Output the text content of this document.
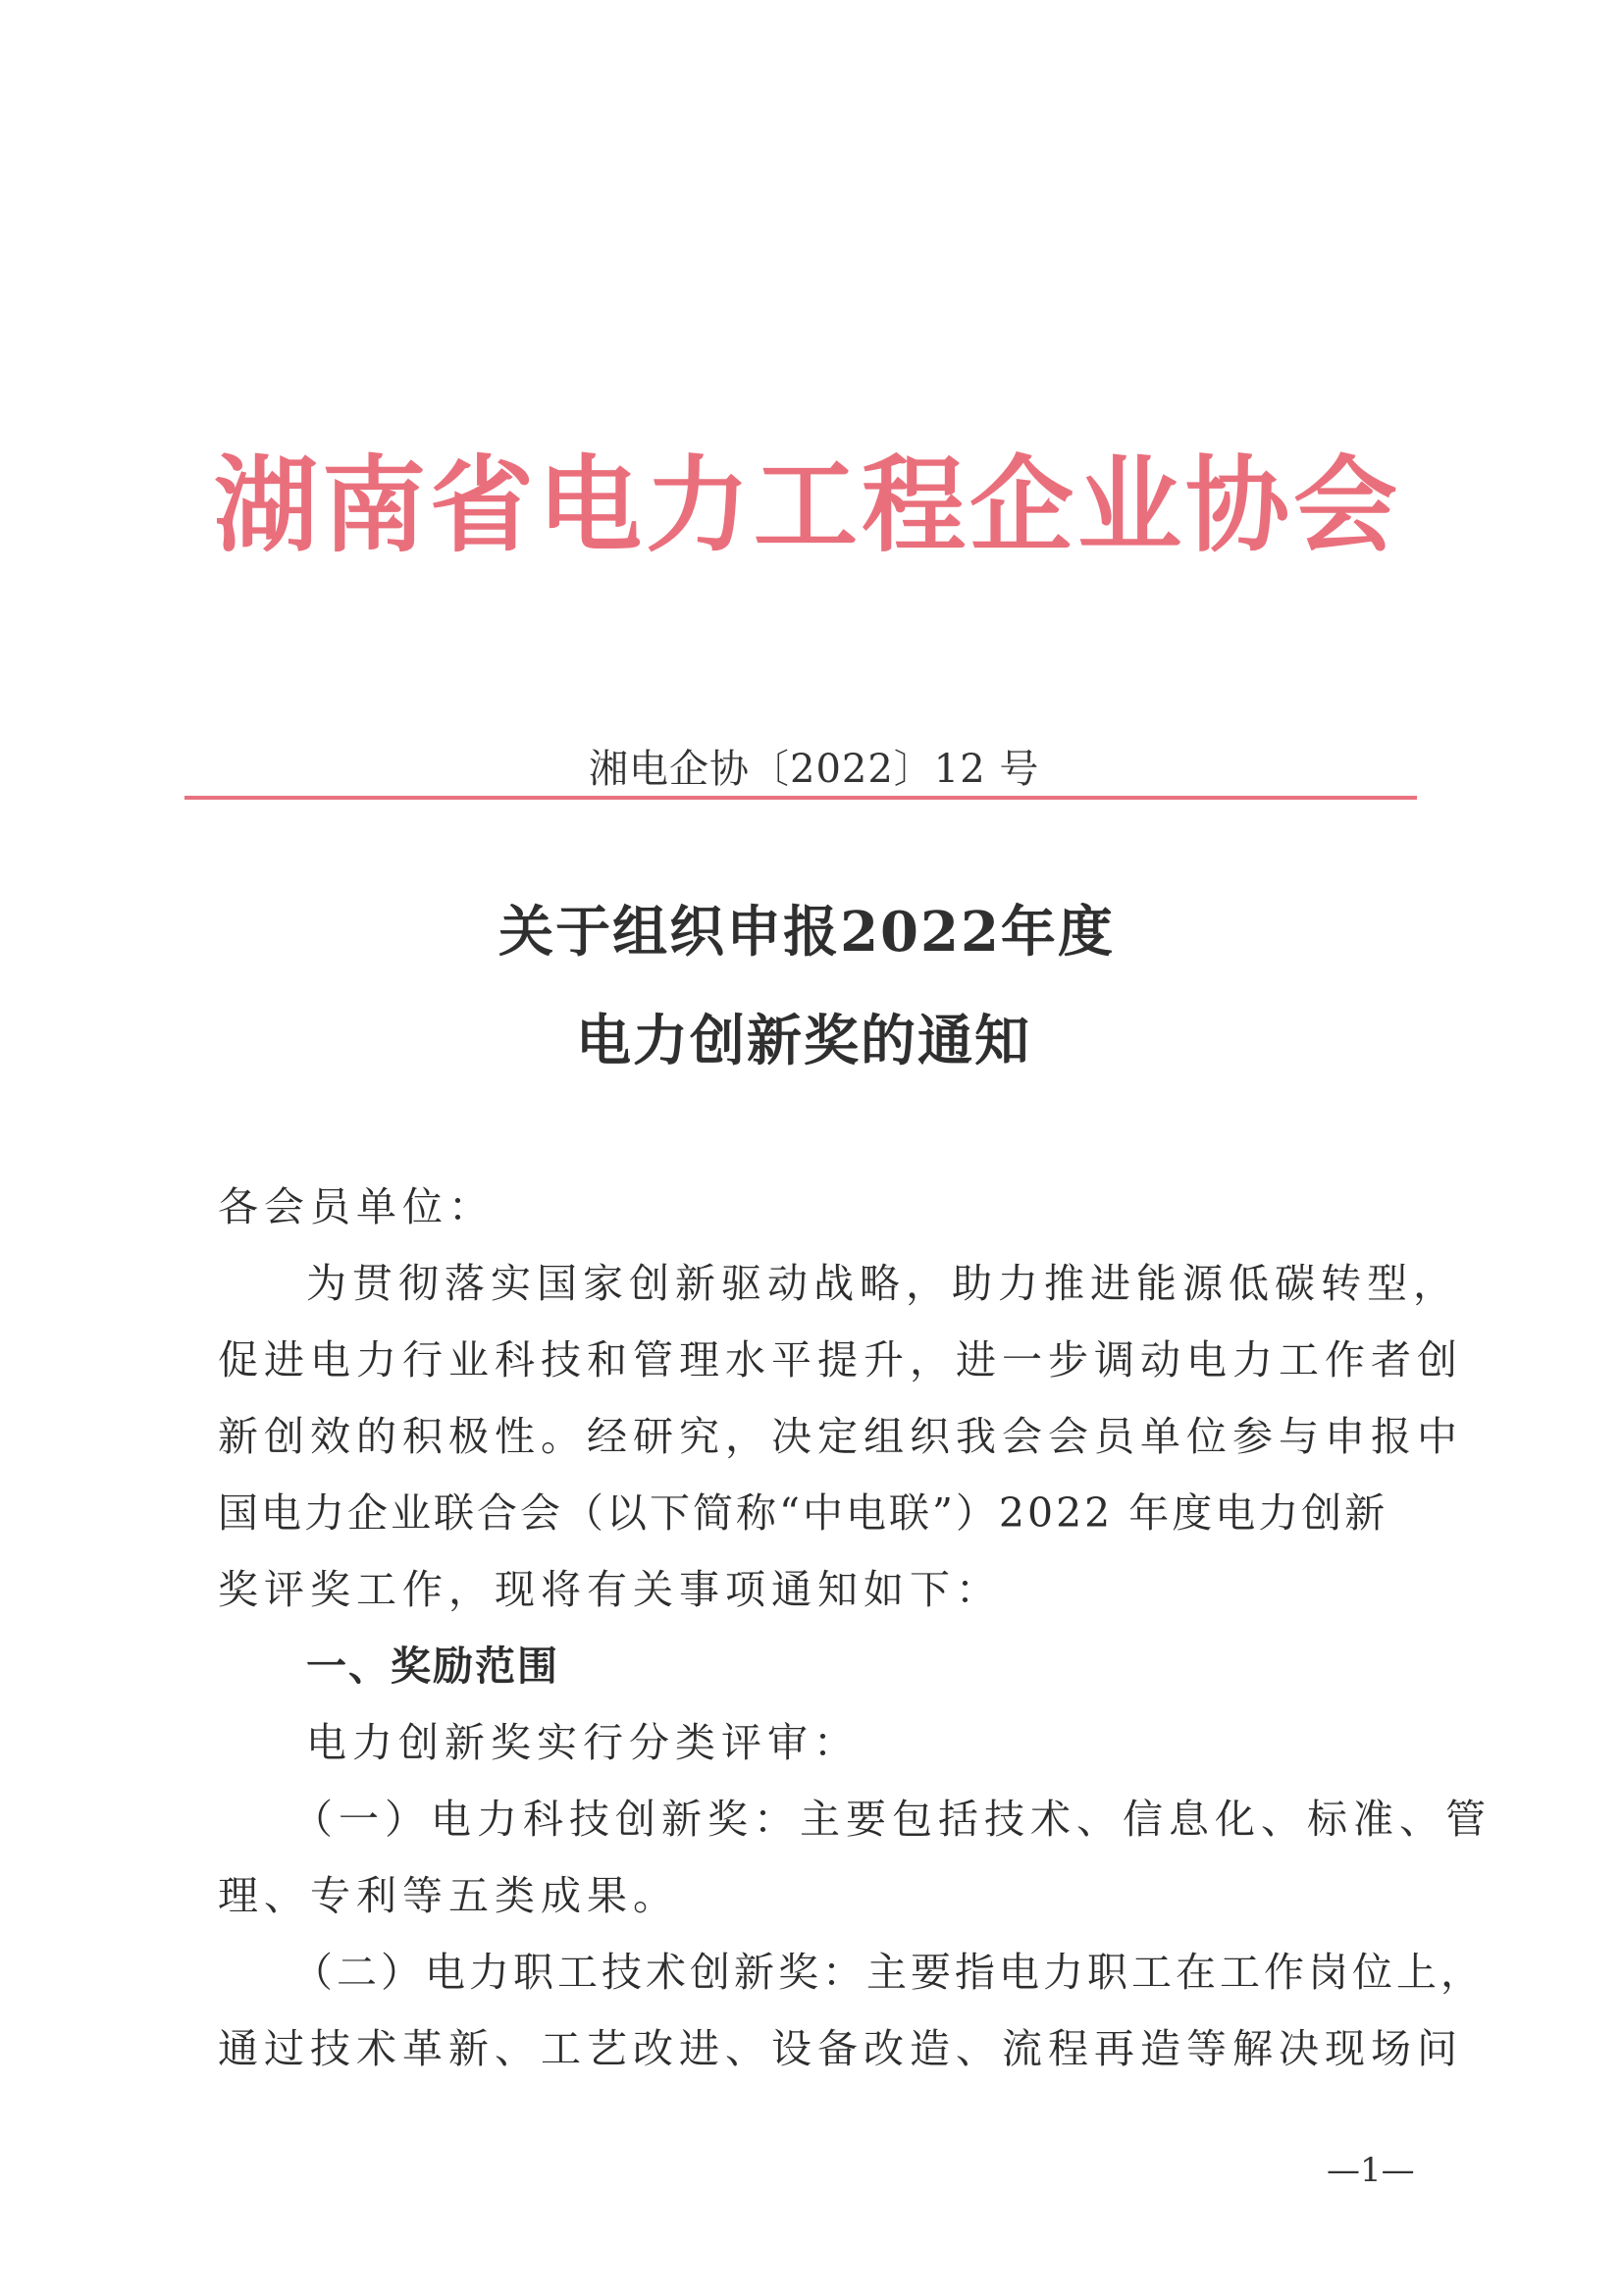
湖南省电力工程企业协会
湘电企协〔2022〕12 号
关于组织申报2022年度
电力创新奖的通知
各会员单位：
为贯彻落实国家创新驱动战略，助力推进能源低碳转型，
促进电力行业科技和管理水平提升，进一步调动电力工作者创
新创效的积极性。经研究，决定组织我会会员单位参与申报中
国电力企业联合会（以下简称“中电联”）2022 年度电力创新
奖评奖工作，现将有关事项通知如下：
一、奖励范围
电力创新奖实行分类评审：
（一）电力科技创新奖：主要包括技术、信息化、标准、管
理、专利等五类成果。
（二）电力职工技术创新奖：主要指电力职工在工作岗位上，
通过技术革新、工艺改进、设备改造、流程再造等解决现场问
—1—
